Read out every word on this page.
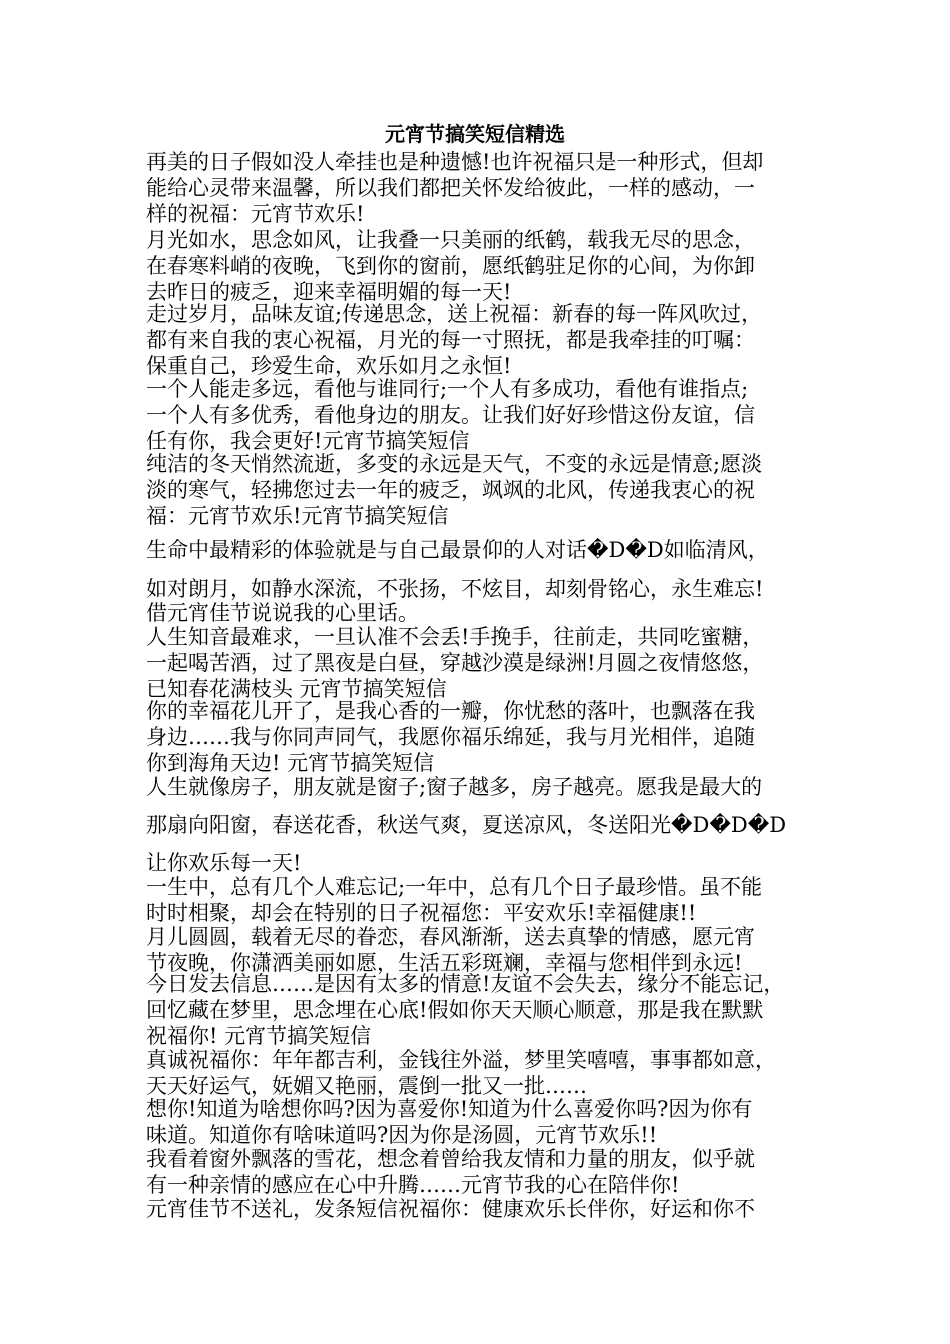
元宵节搞笑短信精选
再美的日子假如没人牵挂也是种遗憾!也许祝福只是一种形式，但却
能给心灵带来温馨，所以我们都把关怀发给彼此，一样的感动，一
样的祝福：元宵节欢乐!
月光如水，思念如风，让我叠一只美丽的纸鹤，载我无尽的思念，
在春寒料峭的夜晚，飞到你的窗前，愿纸鹤驻足你的心间，为你卸
去昨日的疲乏，迎来幸福明媚的每一天!
走过岁月，品味友谊;传递思念，送上祝福：新春的每一阵风吹过，
都有来自我的衷心祝福，月光的每一寸照抚，都是我牵挂的叮嘱：
保重自己，珍爱生命，欢乐如月之永恒!
一个人能走多远，看他与谁同行;一个人有多成功，看他有谁指点;
一个人有多优秀，看他身边的朋友。让我们好好珍惜这份友谊，信
任有你，我会更好!元宵节搞笑短信
纯洁的冬天悄然流逝，多变的永远是天气，不变的永远是情意;愿淡
淡的寒气，轻拂您过去一年的疲乏，飒飒的北风，传递我衷心的祝
福：元宵节欢乐!元宵节搞笑短信
生命中最精彩的体验就是与自己最景仰的人对话�D�D如临清风，
如对朗月，如静水深流，不张扬，不炫目，却刻骨铭心，永生难忘!
借元宵佳节说说我的心里话。
人生知音最难求，一旦认准不会丢!手挽手，往前走，共同吃蜜糖，
一起喝苦酒，过了黑夜是白昼，穿越沙漠是绿洲!月圆之夜情悠悠，
已知春花满枝头 元宵节搞笑短信
你的幸福花儿开了，是我心香的一瓣，你忧愁的落叶，也飘落在我
身边……我与你同声同气，我愿你福乐绵延，我与月光相伴，追随
你到海角天边! 元宵节搞笑短信
人生就像房子，朋友就是窗子;窗子越多，房子越亮。愿我是最大的
那扇向阳窗，春送花香，秋送气爽，夏送凉风，冬送阳光�D�D�D
让你欢乐每一天!
一生中，总有几个人难忘记;一年中，总有几个日子最珍惜。虽不能
时时相聚，却会在特别的日子祝福您：平安欢乐!幸福健康!!
月儿圆圆，载着无尽的眷恋，春风渐渐，送去真挚的情感，愿元宵
节夜晚，你潇洒美丽如愿，生活五彩斑斓，幸福与您相伴到永远!
今日发去信息……是因有太多的情意!友谊不会失去，缘分不能忘记，
回忆藏在梦里，思念埋在心底!假如你天天顺心顺意，那是我在默默
祝福你! 元宵节搞笑短信
真诚祝福你：年年都吉利，金钱往外溢，梦里笑嘻嘻，事事都如意，
天天好运气，妩媚又艳丽，震倒一批又一批……
想你!知道为啥想你吗?因为喜爱你!知道为什么喜爱你吗?因为你有
味道。知道你有啥味道吗?因为你是汤圆，元宵节欢乐!!
我看着窗外飘落的雪花，想念着曾给我友情和力量的朋友，似乎就
有一种亲情的感应在心中升腾……元宵节我的心在陪伴你!
元宵佳节不送礼，发条短信祝福你：健康欢乐长伴你，好运和你不
